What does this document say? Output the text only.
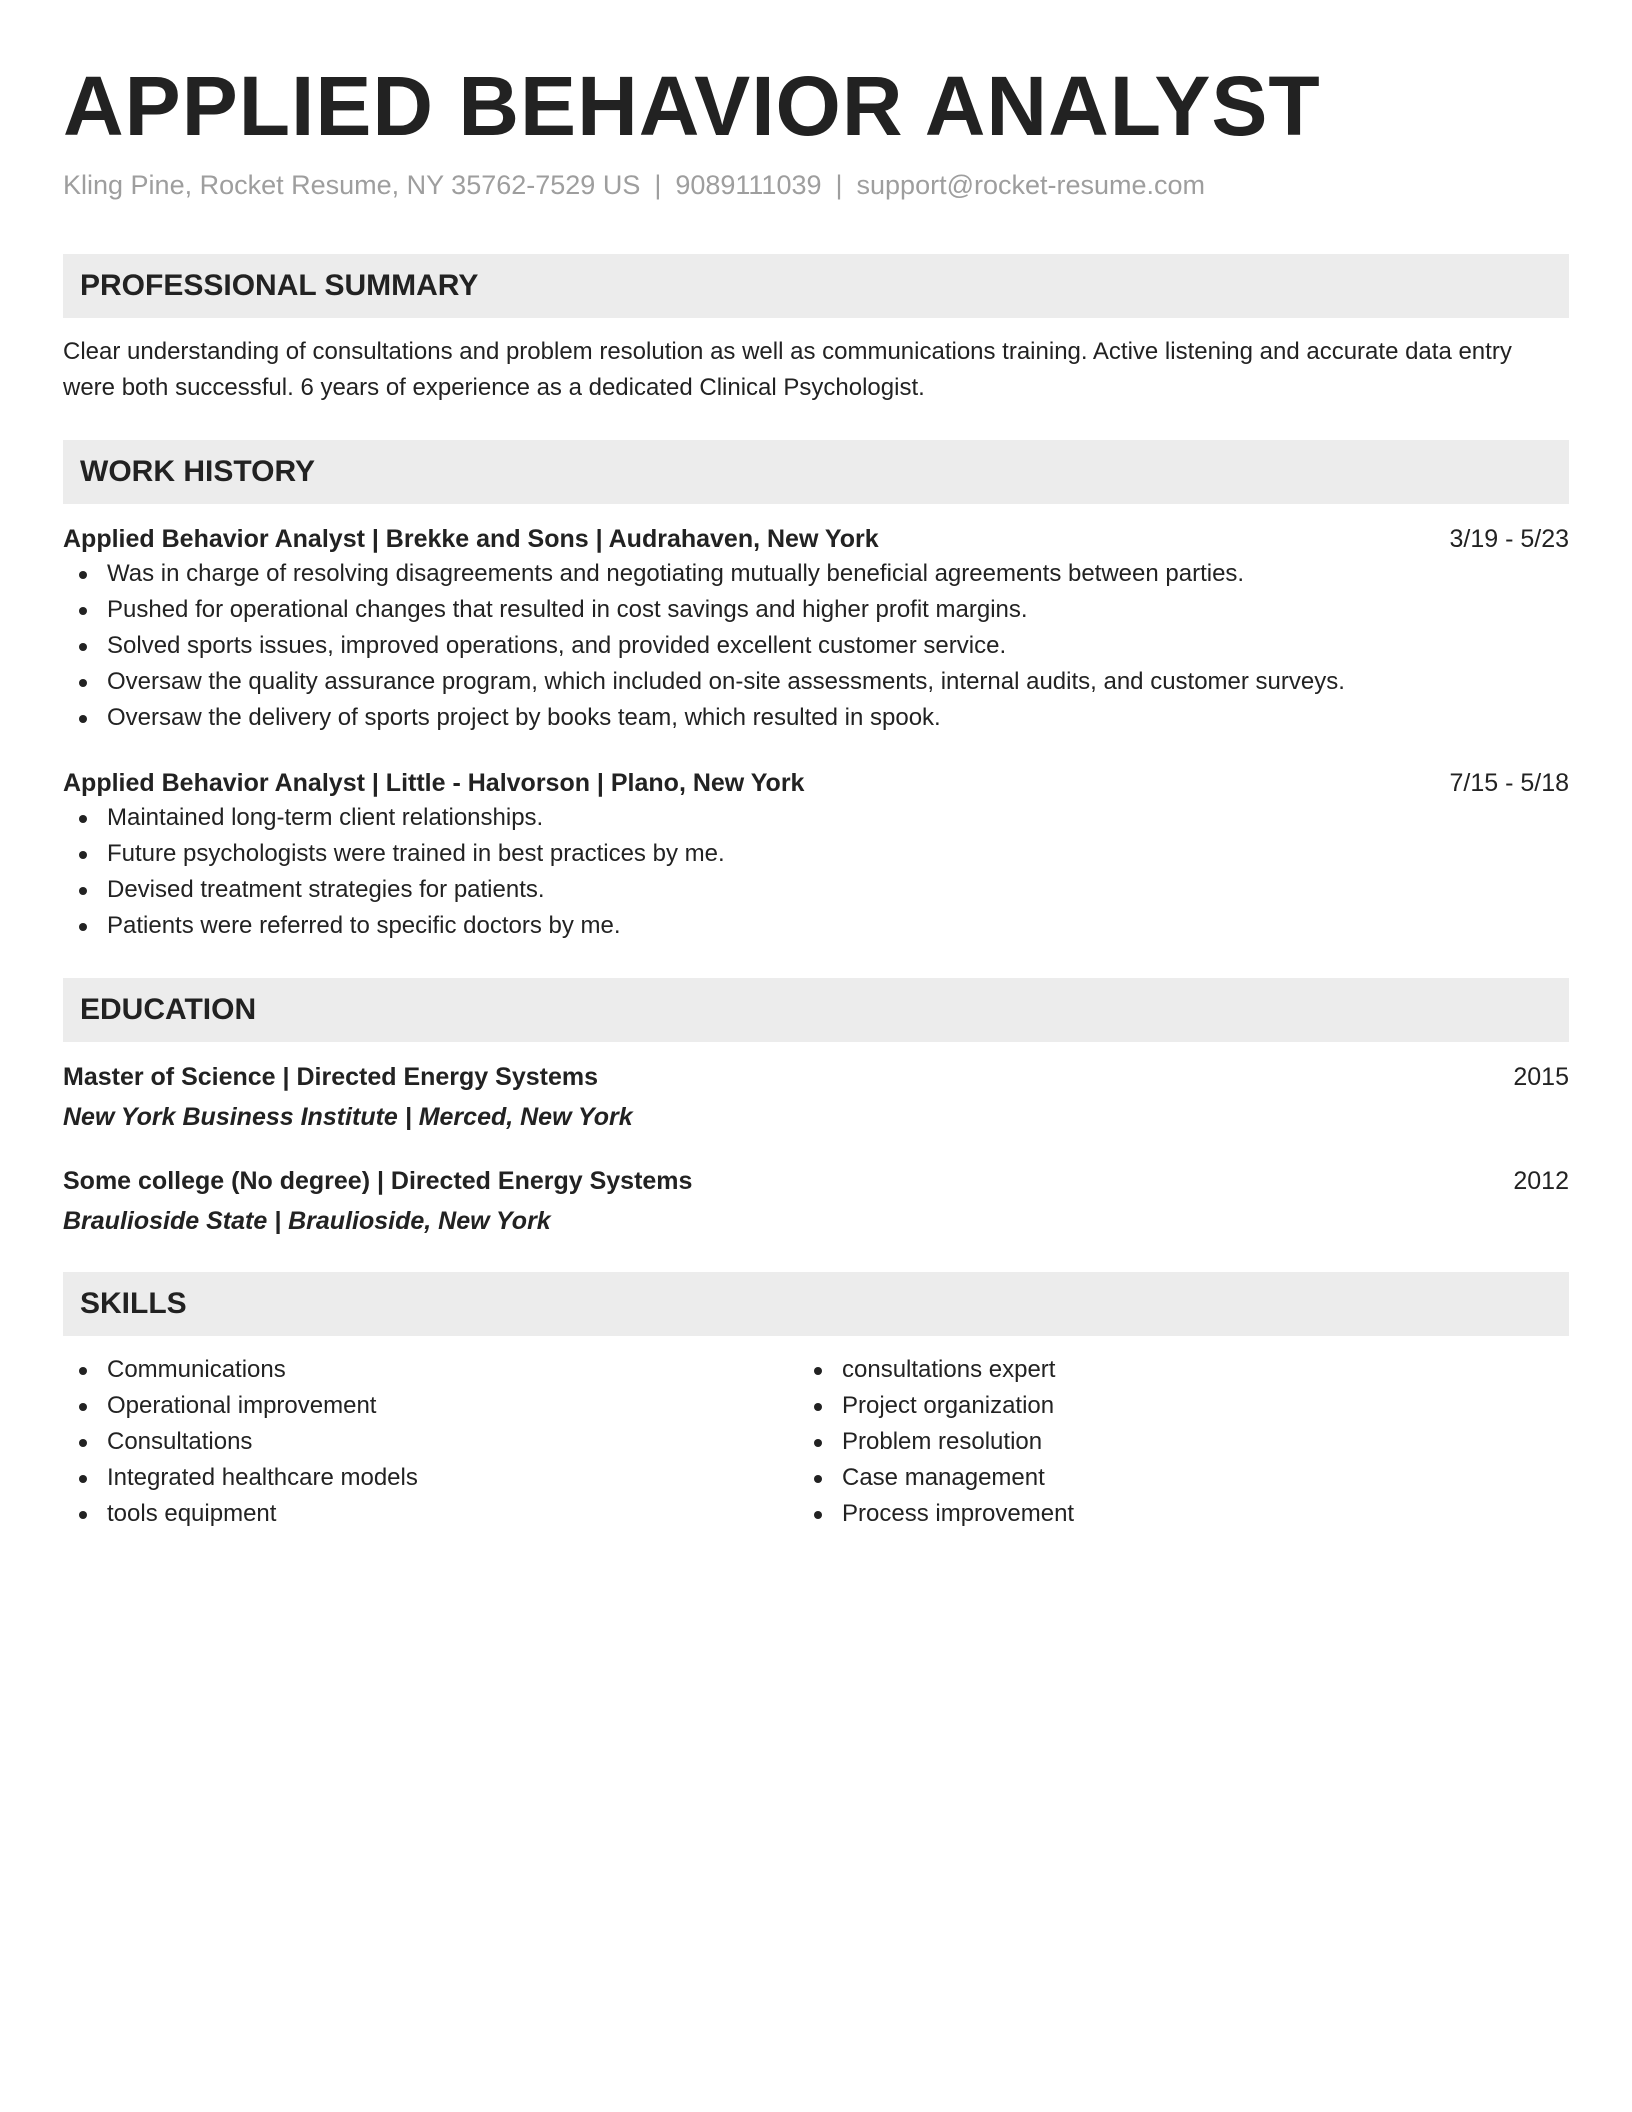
APPLIED BEHAVIOR ANALYST
Kling Pine, Rocket Resume, NY 35762-7529 US | 9089111039 | support@rocket-resume.com
PROFESSIONAL SUMMARY
Clear understanding of consultations and problem resolution as well as communications training. Active listening and accurate data entry were both successful. 6 years of experience as a dedicated Clinical Psychologist.
WORK HISTORY
Applied Behavior Analyst | Brekke and Sons | Audrahaven, New York	3/19 - 5/23
Was in charge of resolving disagreements and negotiating mutually beneficial agreements between parties.
Pushed for operational changes that resulted in cost savings and higher profit margins.
Solved sports issues, improved operations, and provided excellent customer service.
Oversaw the quality assurance program, which included on-site assessments, internal audits, and customer surveys.
Oversaw the delivery of sports project by books team, which resulted in spook.
Applied Behavior Analyst | Little - Halvorson | Plano, New York	7/15 - 5/18
Maintained long-term client relationships.
Future psychologists were trained in best practices by me.
Devised treatment strategies for patients.
Patients were referred to specific doctors by me.
EDUCATION
Master of Science | Directed Energy Systems	2015
New York Business Institute | Merced, New York
Some college (No degree) | Directed Energy Systems	2012
Braulioside State | Braulioside, New York
SKILLS
Communications
Operational improvement
Consultations
Integrated healthcare models
tools equipment
consultations expert
Project organization
Problem resolution
Case management
Process improvement
